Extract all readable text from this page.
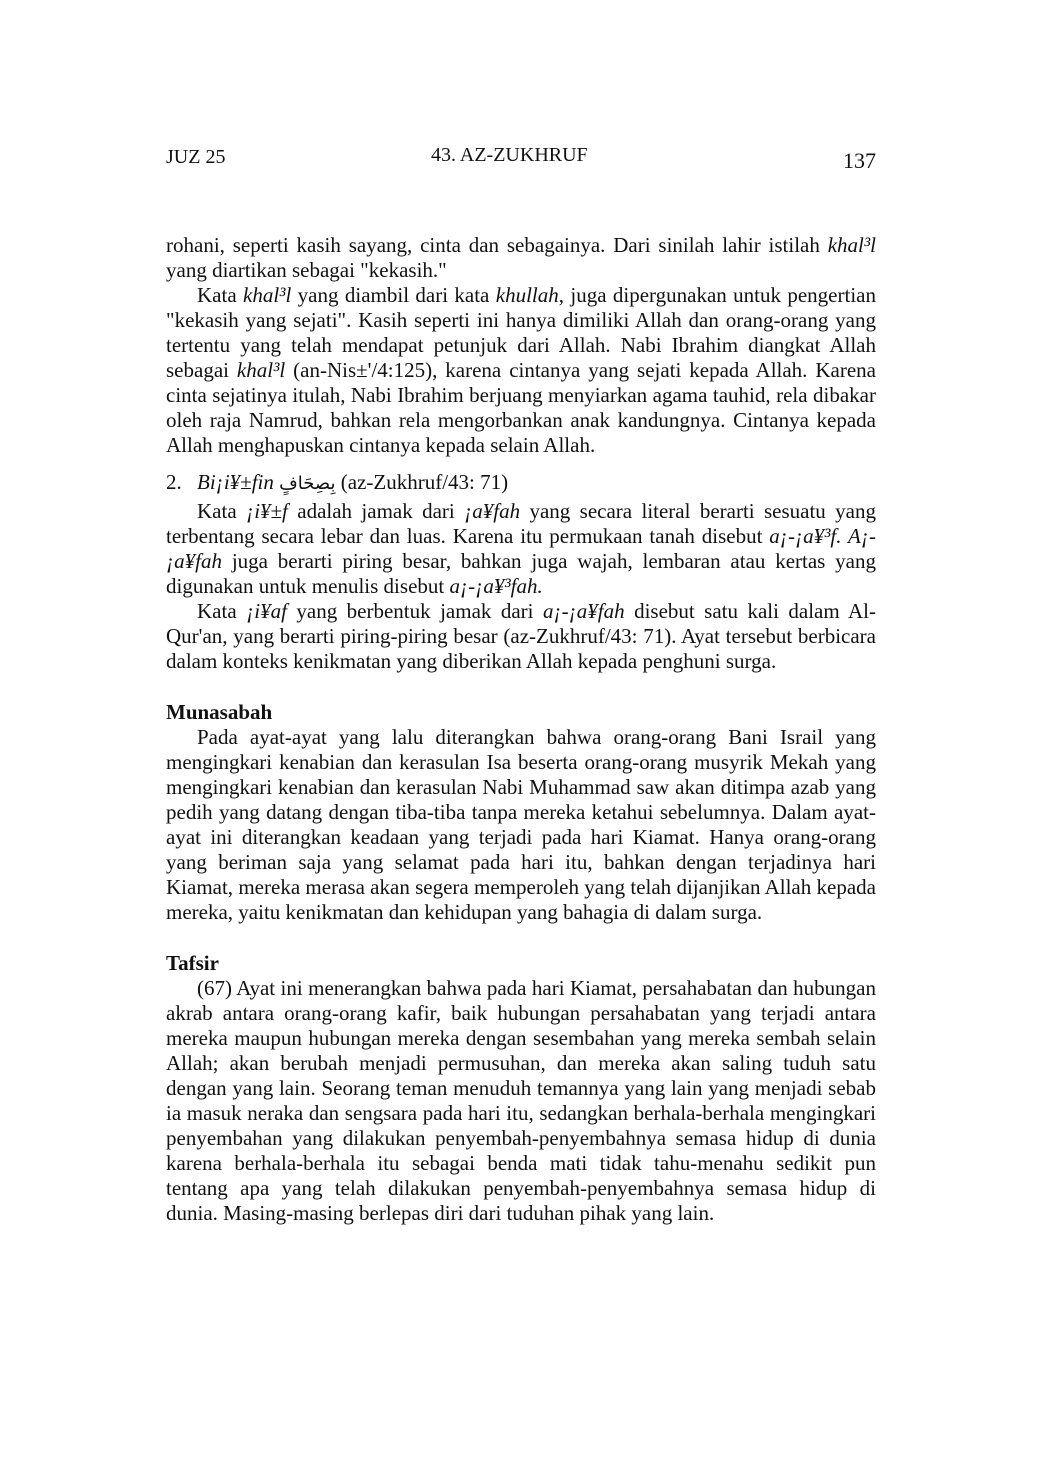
JUZ 25	43. AZ-ZUKHRUF	137

rohani, seperti kasih sayang, cinta dan sebagainya. Dari sinilah lahir istilah khal³l yang diartikan sebagai "kekasih."

Kata khal³l yang diambil dari kata khullah, juga dipergunakan untuk pengertian "kekasih yang sejati". Kasih seperti ini hanya dimiliki Allah dan orang-orang yang tertentu yang telah mendapat petunjuk dari Allah. Nabi Ibrahim diangkat Allah sebagai khal³l (an-Nis±'/4:125), karena cintanya yang sejati kepada Allah. Karena cinta sejatinya itulah, Nabi Ibrahim berjuang menyiarkan agama tauhid, rela dibakar oleh raja Namrud, bahkan rela mengorbankan anak kandungnya. Cintanya kepada Allah menghapuskan cintanya kepada selain Allah.

2. Bi¡i¥±fin بِصِحَافٍ (az-Zukhruf/43: 71)

Kata ¡i¥±f adalah jamak dari ¡a¥fah yang secara literal berarti sesuatu yang terbentang secara lebar dan luas. Karena itu permukaan tanah disebut a¡-¡a¥³f. A¡-¡a¥fah juga berarti piring besar, bahkan juga wajah, lembaran atau kertas yang digunakan untuk menulis disebut a¡-¡a¥³fah.

Kata ¡i¥af yang berbentuk jamak dari a¡-¡a¥fah disebut satu kali dalam Al-Qur'an, yang berarti piring-piring besar (az-Zukhruf/43: 71). Ayat tersebut berbicara dalam konteks kenikmatan yang diberikan Allah kepada penghuni surga.

Munasabah

Pada ayat-ayat yang lalu diterangkan bahwa orang-orang Bani Israil yang mengingkari kenabian dan kerasulan Isa beserta orang-orang musyrik Mekah yang mengingkari kenabian dan kerasulan Nabi Muhammad saw akan ditimpa azab yang pedih yang datang dengan tiba-tiba tanpa mereka ketahui sebelumnya. Dalam ayat-ayat ini diterangkan keadaan yang terjadi pada hari Kiamat. Hanya orang-orang yang beriman saja yang selamat pada hari itu, bahkan dengan terjadinya hari Kiamat, mereka merasa akan segera memperoleh yang telah dijanjikan Allah kepada mereka, yaitu kenikmatan dan kehidupan yang bahagia di dalam surga.

Tafsir

(67) Ayat ini menerangkan bahwa pada hari Kiamat, persahabatan dan hubungan akrab antara orang-orang kafir, baik hubungan persahabatan yang terjadi antara mereka maupun hubungan mereka dengan sesembahan yang mereka sembah selain Allah; akan berubah menjadi permusuhan, dan mereka akan saling tuduh satu dengan yang lain. Seorang teman menuduh temannya yang lain yang menjadi sebab ia masuk neraka dan sengsara pada hari itu, sedangkan berhala-berhala mengingkari penyembahan yang dilakukan penyembah-penyembahnya semasa hidup di dunia karena berhala-berhala itu sebagai benda mati tidak tahu-menahu sedikit pun tentang apa yang telah dilakukan penyembah-penyembahnya semasa hidup di dunia. Masing-masing berlepas diri dari tuduhan pihak yang lain.
